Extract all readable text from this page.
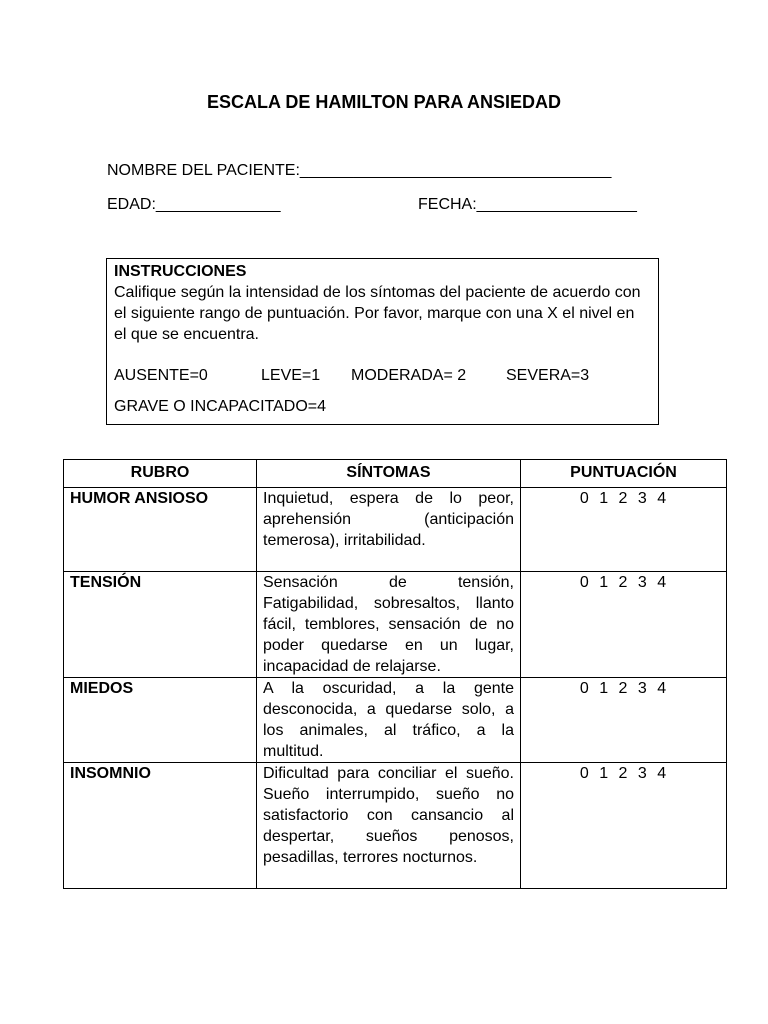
ESCALA DE HAMILTON PARA ANSIEDAD
NOMBRE DEL PACIENTE:___________________________________
EDAD:______________	FECHA:__________________
INSTRUCCIONES
Califique según la intensidad de los síntomas del paciente de acuerdo con el siguiente rango de puntuación. Por favor, marque con una X el nivel en el que se encuentra.
AUSENTE=0	LEVE=1 MODERADA= 2 SEVERA=3
GRAVE O INCAPACITADO=4
RUBRO	SÍNTOMAS	PUNTUACIÓN
HUMOR ANSIOSO	Inquietud, espera de lo peor, aprehensión (anticipación temerosa), irritabilidad.	0 1 2 3 4
TENSIÓN	Sensación de tensión, Fatigabilidad, sobresaltos, llanto fácil, temblores, sensación de no poder quedarse en un lugar, incapacidad de relajarse.	0 1 2 3 4
MIEDOS	A la oscuridad, a la gente desconocida, a quedarse solo, a los animales, al tráfico, a la multitud.	0 1 2 3 4
INSOMNIO	Dificultad para conciliar el sueño. Sueño interrumpido, sueño no satisfactorio con cansancio al despertar, sueños penosos, pesadillas, terrores nocturnos.	0 1 2 3 4
